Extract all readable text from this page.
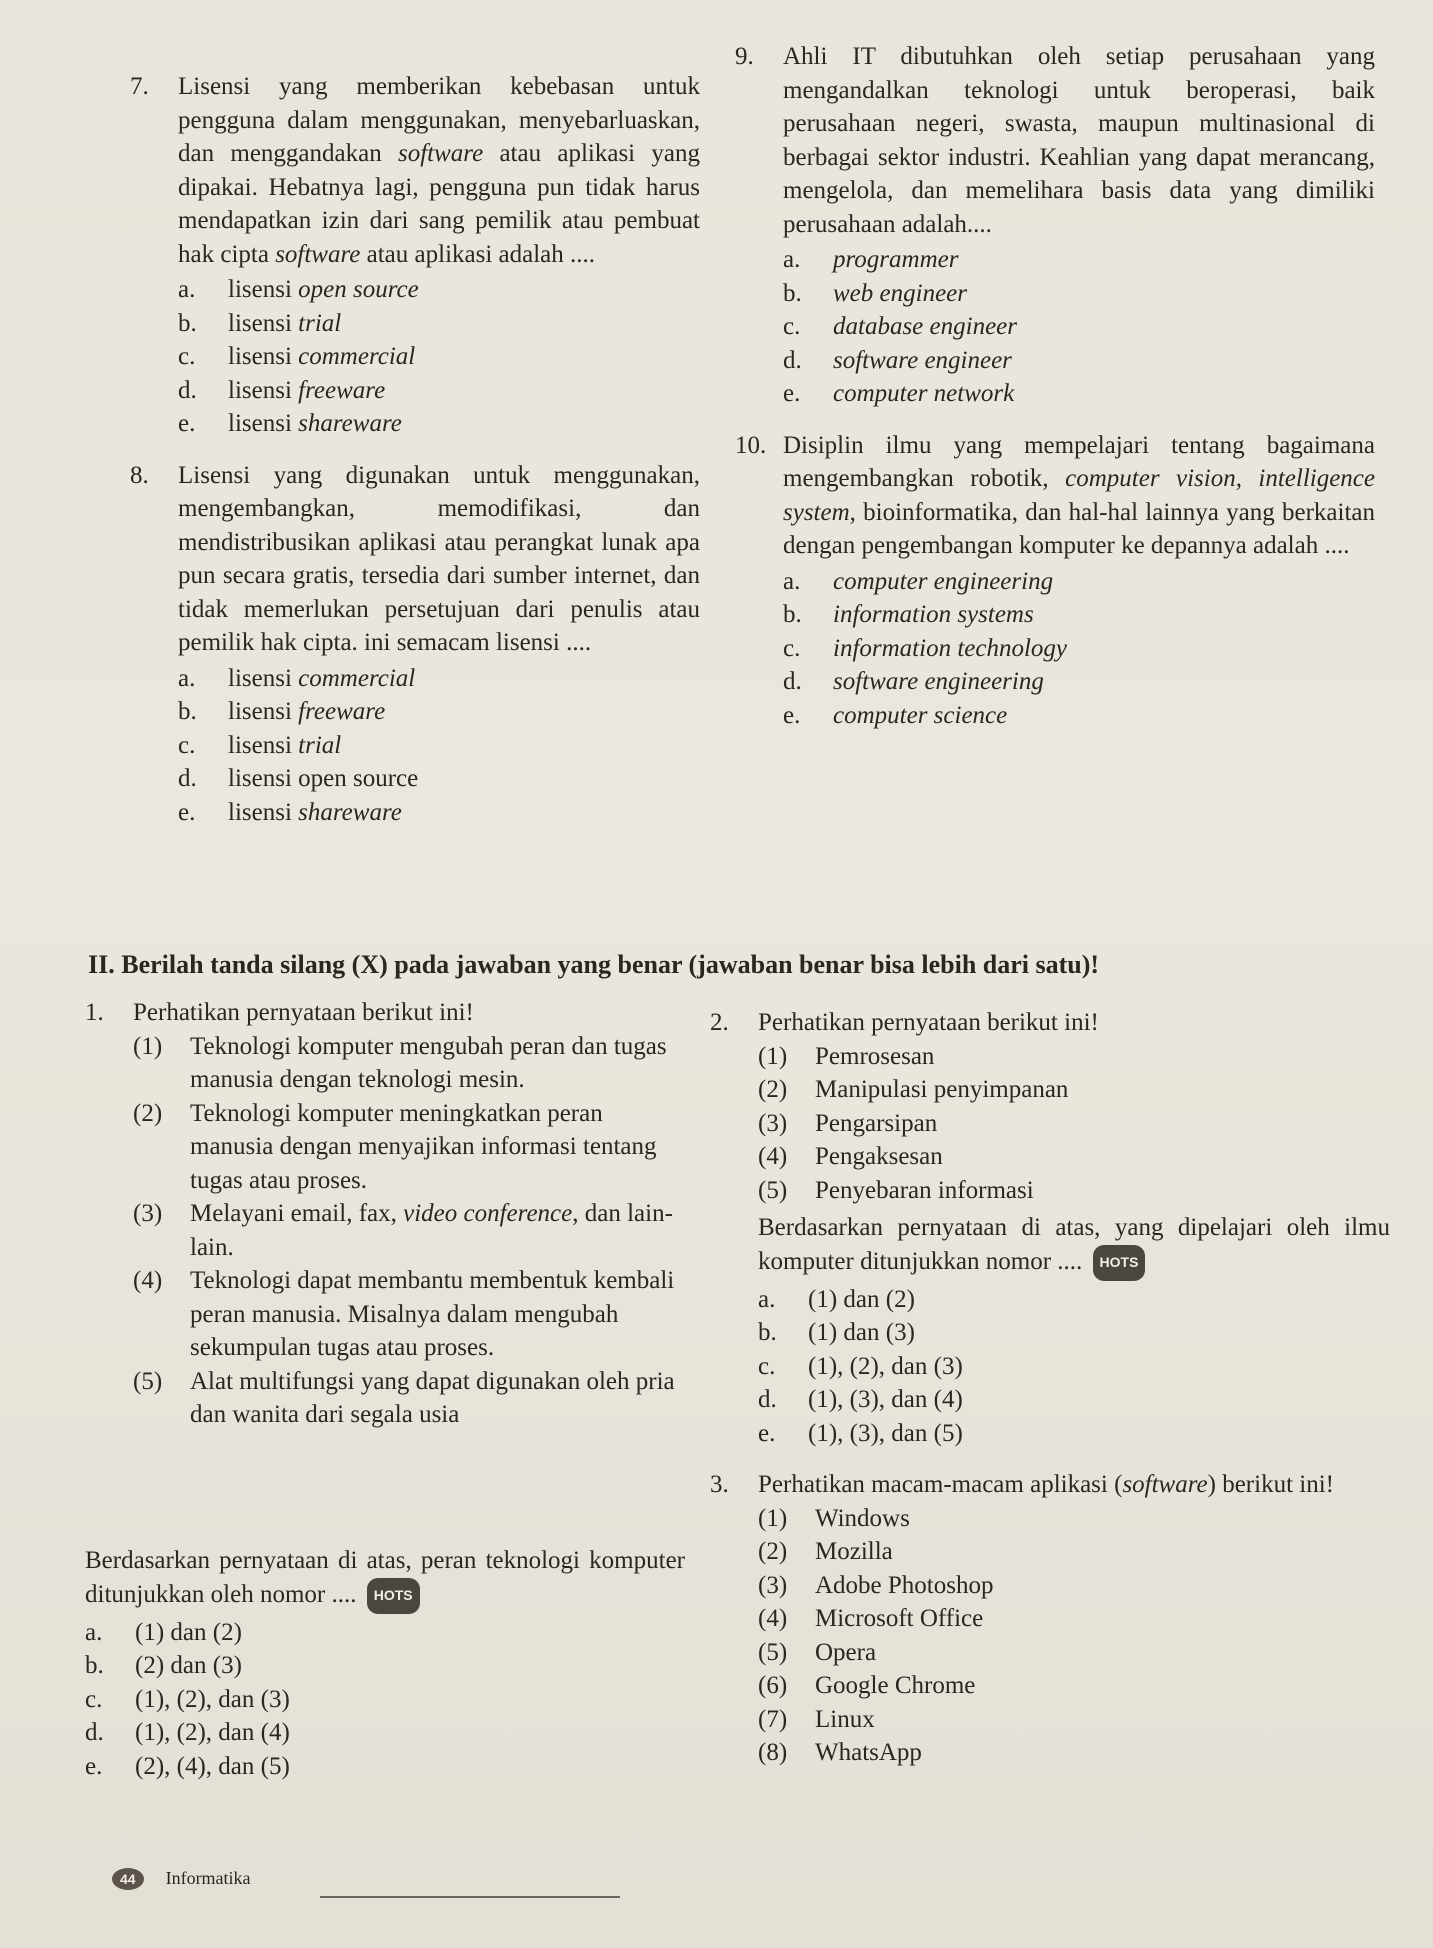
7. Lisensi yang memberikan kebebasan untuk pengguna dalam menggunakan, menyebarluaskan, dan menggandakan software atau aplikasi yang dipakai. Hebatnya lagi, pengguna pun tidak harus mendapatkan izin dari sang pemilik atau pembuat hak cipta software atau aplikasi adalah ....
a. lisensi open source
b. lisensi trial
c. lisensi commercial
d. lisensi freeware
e. lisensi shareware
8. Lisensi yang digunakan untuk menggunakan, mengembangkan, memodifikasi, dan mendistribusikan aplikasi atau perangkat lunak apa pun secara gratis, tersedia dari sumber internet, dan tidak memerlukan persetujuan dari penulis atau pemilik hak cipta. ini semacam lisensi ....
a. lisensi commercial
b. lisensi freeware
c. lisensi trial
d. lisensi open source
e. lisensi shareware
9. Ahli IT dibutuhkan oleh setiap perusahaan yang mengandalkan teknologi untuk beroperasi, baik perusahaan negeri, swasta, maupun multinasional di berbagai sektor industri. Keahlian yang dapat merancang, mengelola, dan memelihara basis data yang dimiliki perusahaan adalah....
a. programmer
b. web engineer
c. database engineer
d. software engineer
e. computer network
10. Disiplin ilmu yang mempelajari tentang bagaimana mengembangkan robotik, computer vision, intelligence system, bioinformatika, dan hal-hal lainnya yang berkaitan dengan pengembangan komputer ke depannya adalah ....
a. computer engineering
b. information systems
c. information technology
d. software engineering
e. computer science
II. Berilah tanda silang (X) pada jawaban yang benar (jawaban benar bisa lebih dari satu)!
1. Perhatikan pernyataan berikut ini!
(1) Teknologi komputer mengubah peran dan tugas manusia dengan teknologi mesin.
(2) Teknologi komputer meningkatkan peran manusia dengan menyajikan informasi tentang tugas atau proses.
(3) Melayani email, fax, video conference, dan lain-lain.
(4) Teknologi dapat membantu membentuk kembali peran manusia. Misalnya dalam mengubah sekumpulan tugas atau proses.
(5) Alat multifungsi yang dapat digunakan oleh pria dan wanita dari segala usia
2. Perhatikan pernyataan berikut ini!
(1) Pemrosesan
(2) Manipulasi penyimpanan
(3) Pengarsipan
(4) Pengaksesan
(5) Penyebaran informasi
Berdasarkan pernyataan di atas, yang dipelajari oleh ilmu komputer ditunjukkan nomor .... HOTS
a. (1) dan (2)
b. (1) dan (3)
c. (1), (2), dan (3)
d. (1), (3), dan (4)
e. (1), (3), dan (5)
3. Perhatikan macam-macam aplikasi (software) berikut ini!
(1) Windows
(2) Mozilla
(3) Adobe Photoshop
(4) Microsoft Office
(5) Opera
(6) Google Chrome
(7) Linux
(8) WhatsApp
Berdasarkan pernyataan di atas, peran teknologi komputer ditunjukkan oleh nomor .... HOTS
a. (1) dan (2)
b. (2) dan (3)
c. (1), (2), dan (3)
d. (1), (2), dan (4)
e. (2), (4), dan (5)
44 Informatika
